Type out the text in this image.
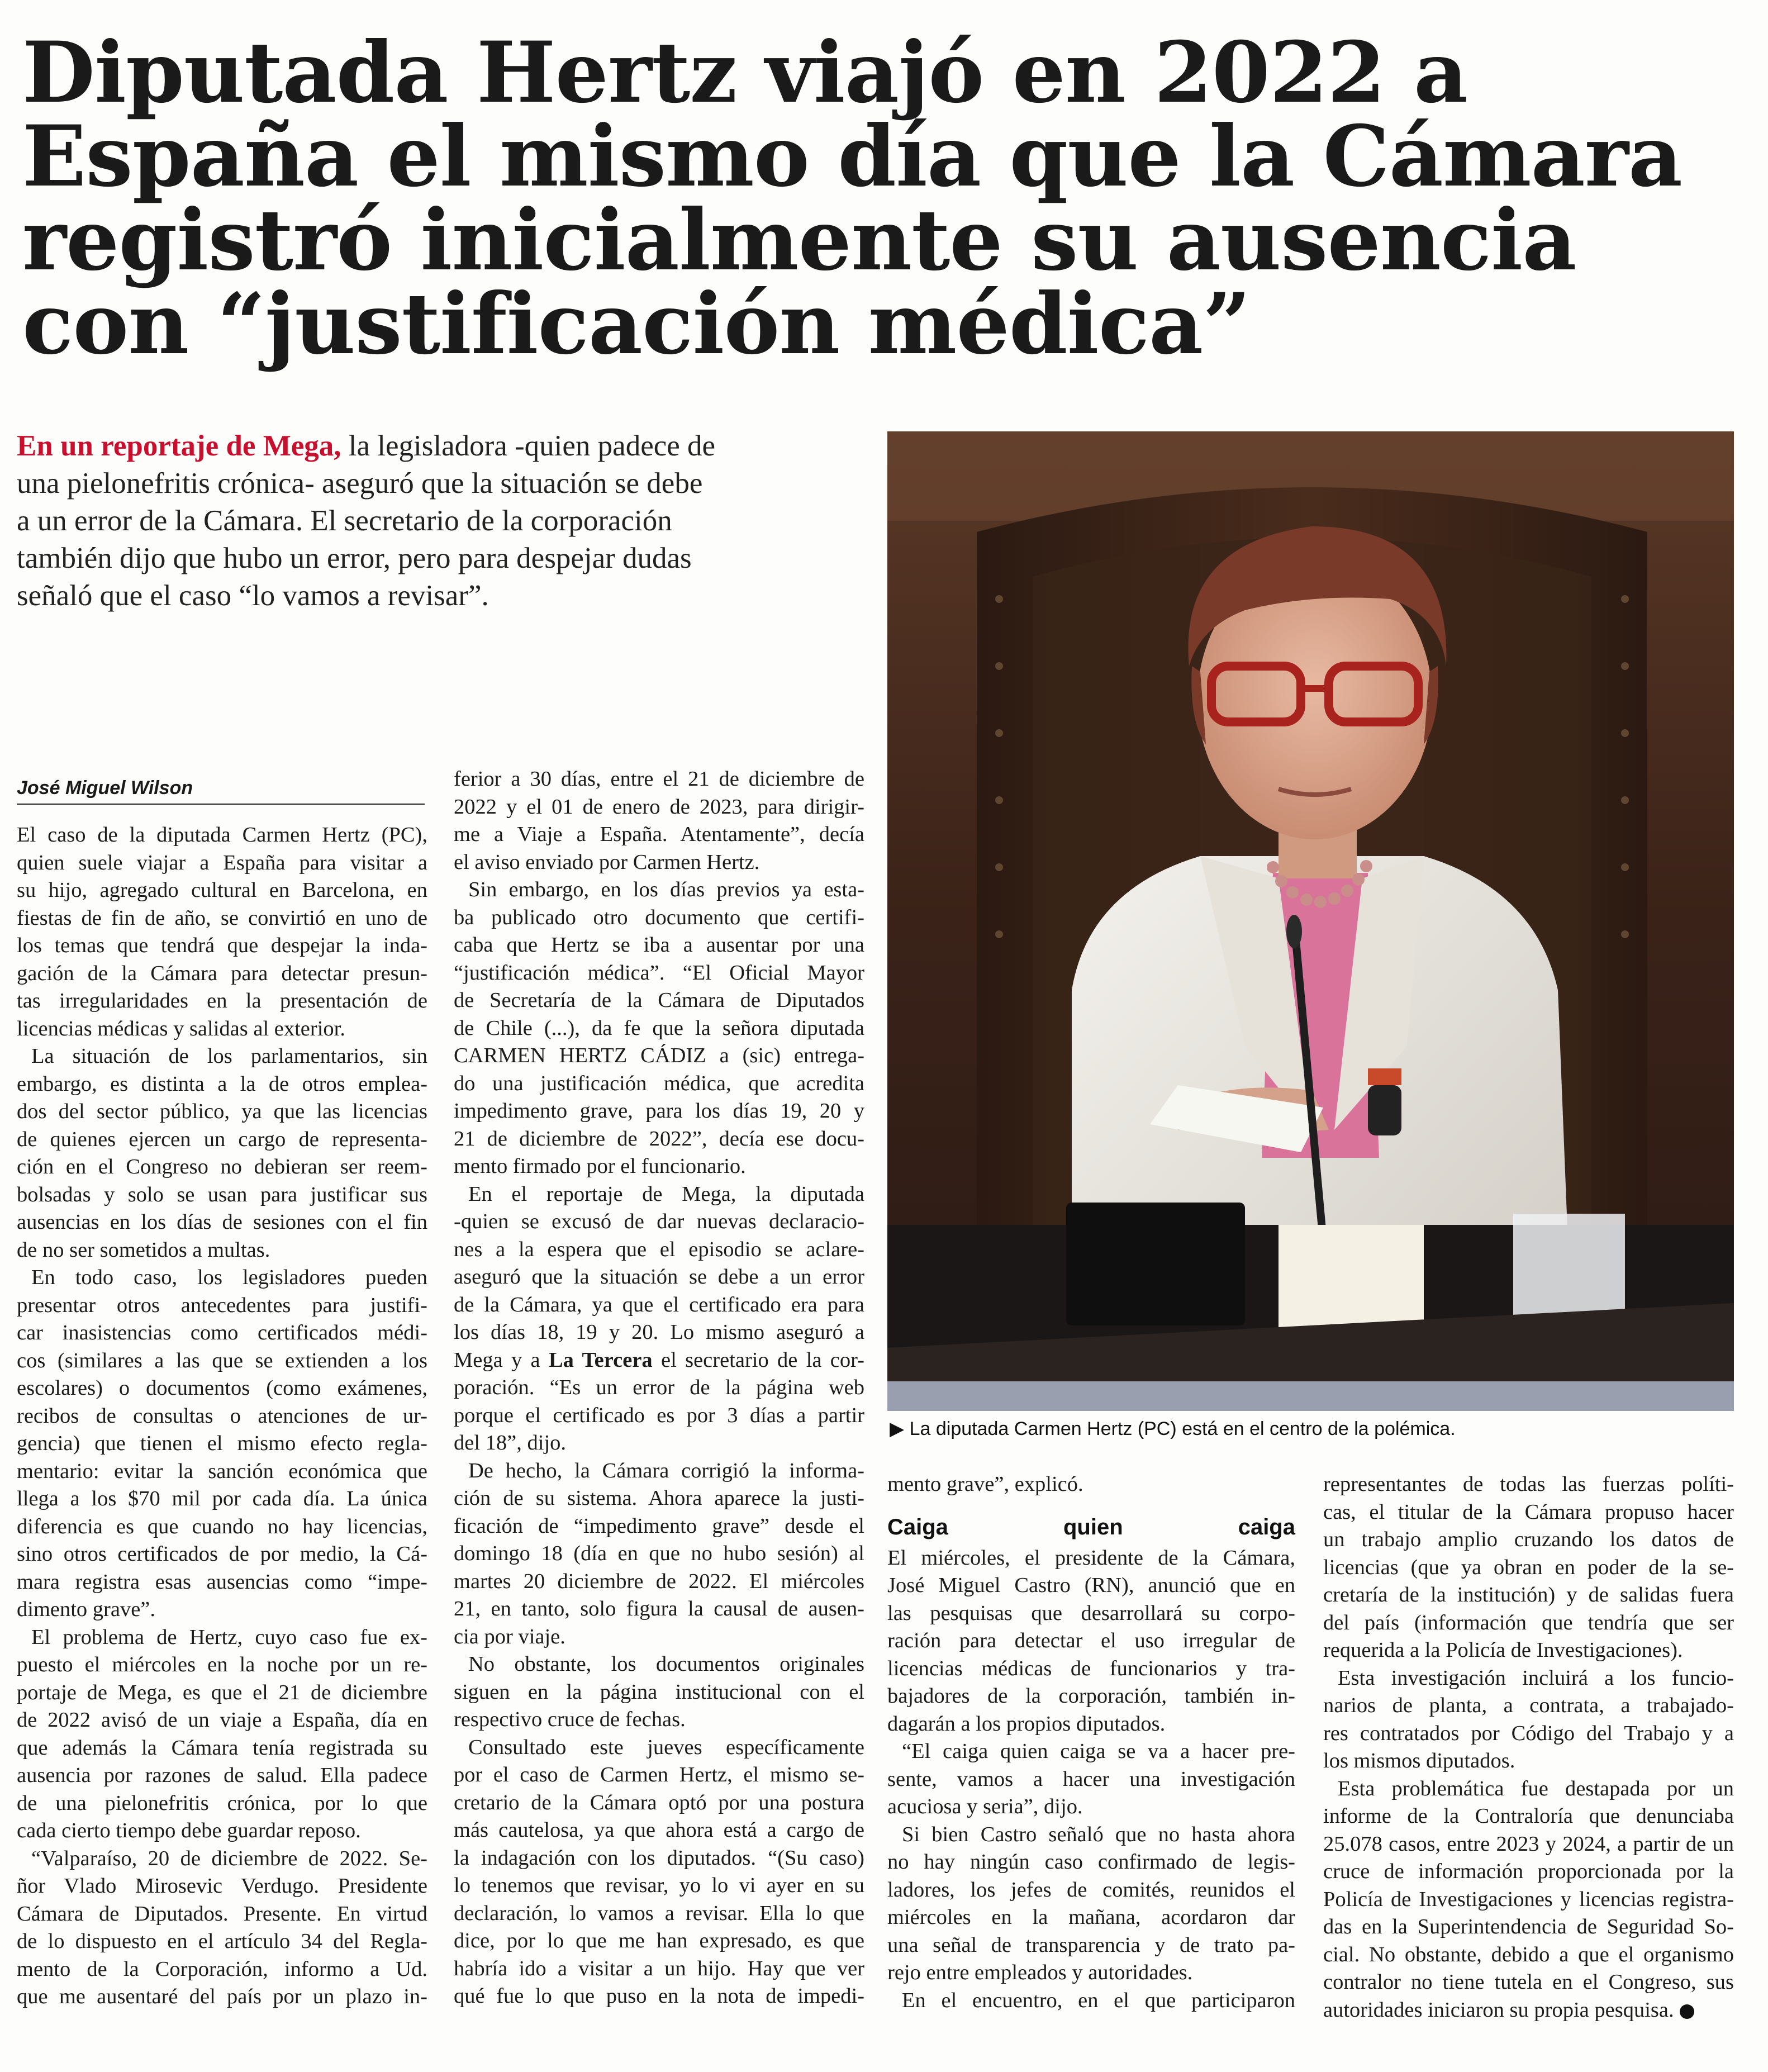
Diputada Hertz viajó en 2022 a
España el mismo día que la Cámara
registró inicialmente su ausencia
con “justificación médica”
En un reportaje de Mega, la legisladora -quien padece de
una pielonefritis crónica- aseguró que la situación se debe
a un error de la Cámara. El secretario de la corporación
también dijo que hubo un error, pero para despejar dudas
señaló que el caso “lo vamos a revisar”.
▶ La diputada Carmen Hertz (PC) está en el centro de la polémica.
José Miguel Wilson
El caso de la diputada Carmen Hertz (PC),
quien suele viajar a España para visitar a
su hijo, agregado cultural en Barcelona, en
fiestas de fin de año, se convirtió en uno de
los temas que tendrá que despejar la inda-
gación de la Cámara para detectar presun-
tas irregularidades en la presentación de
licencias médicas y salidas al exterior.
La situación de los parlamentarios, sin
embargo, es distinta a la de otros emplea-
dos del sector público, ya que las licencias
de quienes ejercen un cargo de representa-
ción en el Congreso no debieran ser reem-
bolsadas y solo se usan para justificar sus
ausencias en los días de sesiones con el fin
de no ser sometidos a multas.
En todo caso, los legisladores pueden
presentar otros antecedentes para justifi-
car inasistencias como certificados médi-
cos (similares a las que se extienden a los
escolares) o documentos (como exámenes,
recibos de consultas o atenciones de ur-
gencia) que tienen el mismo efecto regla-
mentario: evitar la sanción económica que
llega a los $70 mil por cada día. La única
diferencia es que cuando no hay licencias,
sino otros certificados de por medio, la Cá-
mara registra esas ausencias como “impe-
dimento grave”.
El problema de Hertz, cuyo caso fue ex-
puesto el miércoles en la noche por un re-
portaje de Mega, es que el 21 de diciembre
de 2022 avisó de un viaje a España, día en
que además la Cámara tenía registrada su
ausencia por razones de salud. Ella padece
de una pielonefritis crónica, por lo que
cada cierto tiempo debe guardar reposo.
“Valparaíso, 20 de diciembre de 2022. Se-
ñor Vlado Mirosevic Verdugo. Presidente
Cámara de Diputados. Presente. En virtud
de lo dispuesto en el artículo 34 del Regla-
mento de la Corporación, informo a Ud.
que me ausentaré del país por un plazo in-
ferior a 30 días, entre el 21 de diciembre de
2022 y el 01 de enero de 2023, para dirigir-
me a Viaje a España. Atentamente”, decía
el aviso enviado por Carmen Hertz.
Sin embargo, en los días previos ya esta-
ba publicado otro documento que certifi-
caba que Hertz se iba a ausentar por una
“justificación médica”. “El Oficial Mayor
de Secretaría de la Cámara de Diputados
de Chile (...), da fe que la señora diputada
CARMEN HERTZ CÁDIZ a (sic) entrega-
do una justificación médica, que acredita
impedimento grave, para los días 19, 20 y
21 de diciembre de 2022”, decía ese docu-
mento firmado por el funcionario.
En el reportaje de Mega, la diputada
-quien se excusó de dar nuevas declaracio-
nes a la espera que el episodio se aclare-
aseguró que la situación se debe a un error
de la Cámara, ya que el certificado era para
los días 18, 19 y 20. Lo mismo aseguró a
Mega y a La Tercera el secretario de la cor-
poración. “Es un error de la página web
porque el certificado es por 3 días a partir
del 18”, dijo.
De hecho, la Cámara corrigió la informa-
ción de su sistema. Ahora aparece la justi-
ficación de “impedimento grave” desde el
domingo 18 (día en que no hubo sesión) al
martes 20 diciembre de 2022. El miércoles
21, en tanto, solo figura la causal de ausen-
cia por viaje.
No obstante, los documentos originales
siguen en la página institucional con el
respectivo cruce de fechas.
Consultado este jueves específicamente
por el caso de Carmen Hertz, el mismo se-
cretario de la Cámara optó por una postura
más cautelosa, ya que ahora está a cargo de
la indagación con los diputados. “(Su caso)
lo tenemos que revisar, yo lo vi ayer en su
declaración, lo vamos a revisar. Ella lo que
dice, por lo que me han expresado, es que
habría ido a visitar a un hijo. Hay que ver
qué fue lo que puso en la nota de impedi-
mento grave”, explicó.
Caiga quien caiga
El miércoles, el presidente de la Cámara,
José Miguel Castro (RN), anunció que en
las pesquisas que desarrollará su corpo-
ración para detectar el uso irregular de
licencias médicas de funcionarios y tra-
bajadores de la corporación, también in-
dagarán a los propios diputados.
“El caiga quien caiga se va a hacer pre-
sente, vamos a hacer una investigación
acuciosa y seria”, dijo.
Si bien Castro señaló que no hasta ahora
no hay ningún caso confirmado de legis-
ladores, los jefes de comités, reunidos el
miércoles en la mañana, acordaron dar
una señal de transparencia y de trato pa-
rejo entre empleados y autoridades.
En el encuentro, en el que participaron
representantes de todas las fuerzas políti-
cas, el titular de la Cámara propuso hacer
un trabajo amplio cruzando los datos de
licencias (que ya obran en poder de la se-
cretaría de la institución) y de salidas fuera
del país (información que tendría que ser
requerida a la Policía de Investigaciones).
Esta investigación incluirá a los funcio-
narios de planta, a contrata, a trabajado-
res contratados por Código del Trabajo y a
los mismos diputados.
Esta problemática fue destapada por un
informe de la Contraloría que denunciaba
25.078 casos, entre 2023 y 2024, a partir de un
cruce de información proporcionada por la
Policía de Investigaciones y licencias registra-
das en la Superintendencia de Seguridad So-
cial. No obstante, debido a que el organismo
contralor no tiene tutela en el Congreso, sus
autoridades iniciaron su propia pesquisa.
